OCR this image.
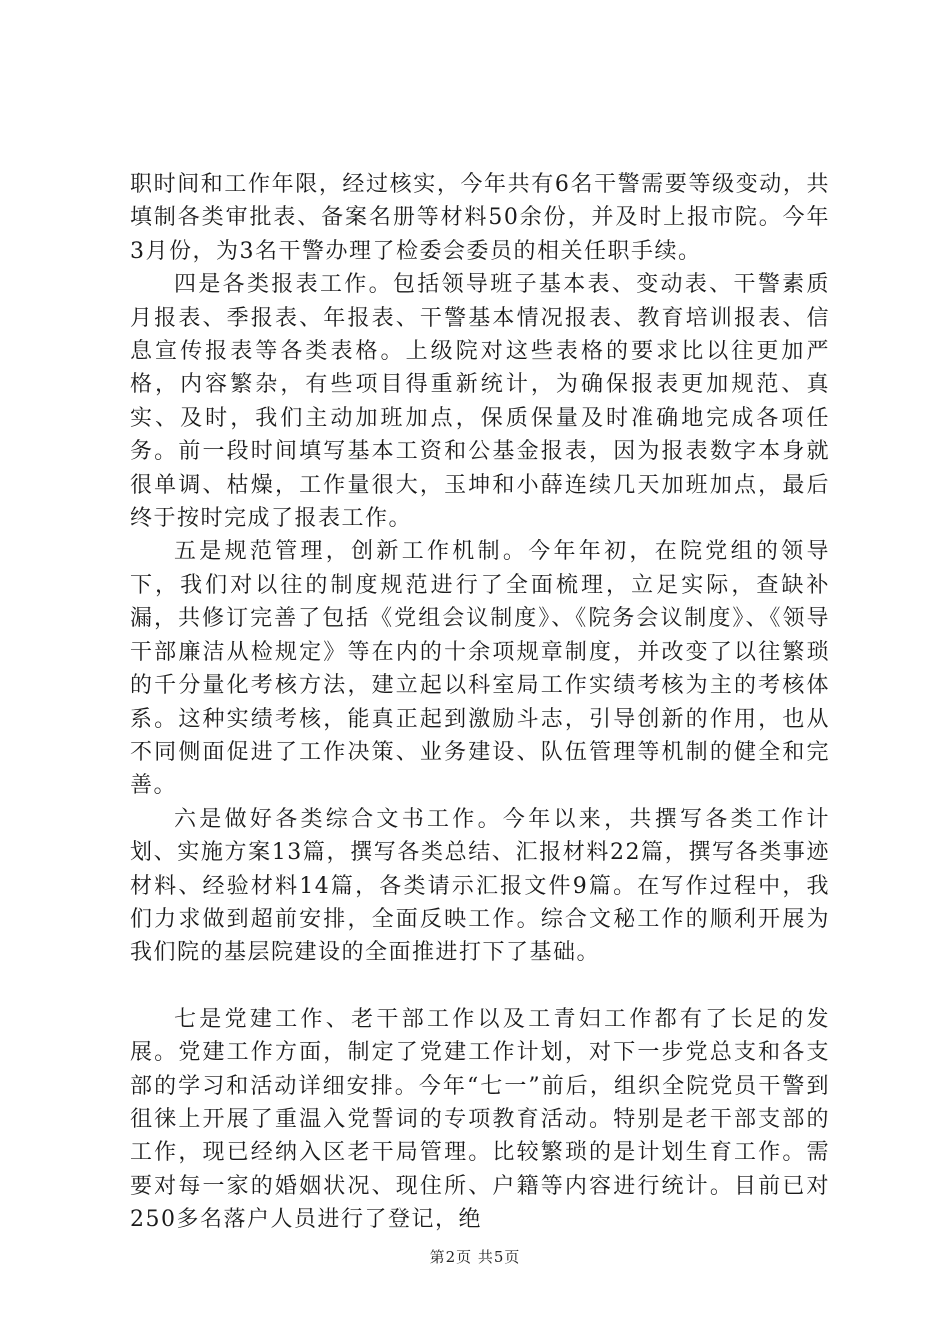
职时间和工作年限，经过核实，今年共有6名干警需要等级变动，共填制各类审批表、备案名册等材料50余份，并及时上报市院。今年3月份，为3名干警办理了检委会委员的相关任职手续。

四是各类报表工作。包括领导班子基本表、变动表、干警素质月报表、季报表、年报表、干警基本情况报表、教育培训报表、信息宣传报表等各类表格。上级院对这些表格的要求比以往更加严格，内容繁杂，有些项目得重新统计，为确保报表更加规范、真实、及时，我们主动加班加点，保质保量及时准确地完成各项任务。前一段时间填写基本工资和公基金报表，因为报表数字本身就很单调、枯燥，工作量很大，玉坤和小薛连续几天加班加点，最后终于按时完成了报表工作。

五是规范管理，创新工作机制。今年年初，在院党组的领导下，我们对以往的制度规范进行了全面梳理，立足实际，查缺补漏，共修订完善了包括《党组会议制度》、《院务会议制度》、《领导干部廉洁从检规定》等在内的十余项规章制度，并改变了以往繁琐的千分量化考核方法，建立起以科室局工作实绩考核为主的考核体系。这种实绩考核，能真正起到激励斗志，引导创新的作用，也从不同侧面促进了工作决策、业务建设、队伍管理等机制的健全和完善。

六是做好各类综合文书工作。今年以来，共撰写各类工作计划、实施方案13篇，撰写各类总结、汇报材料22篇，撰写各类事迹材料、经验材料14篇，各类请示汇报文件9篇。在写作过程中，我们力求做到超前安排，全面反映工作。综合文秘工作的顺利开展为我们院的基层院建设的全面推进打下了基础。

七是党建工作、老干部工作以及工青妇工作都有了长足的发展。党建工作方面，制定了党建工作计划，对下一步党总支和各支部的学习和活动详细安排。今年“七一”前后，组织全院党员干警到徂徕上开展了重温入党誓词的专项教育活动。特别是老干部支部的工作，现已经纳入区老干局管理。比较繁琐的是计划生育工作。需要对每一家的婚姻状况、现住所、户籍等内容进行统计。目前已对250多名落户人员进行了登记，绝

第2页 共5页
